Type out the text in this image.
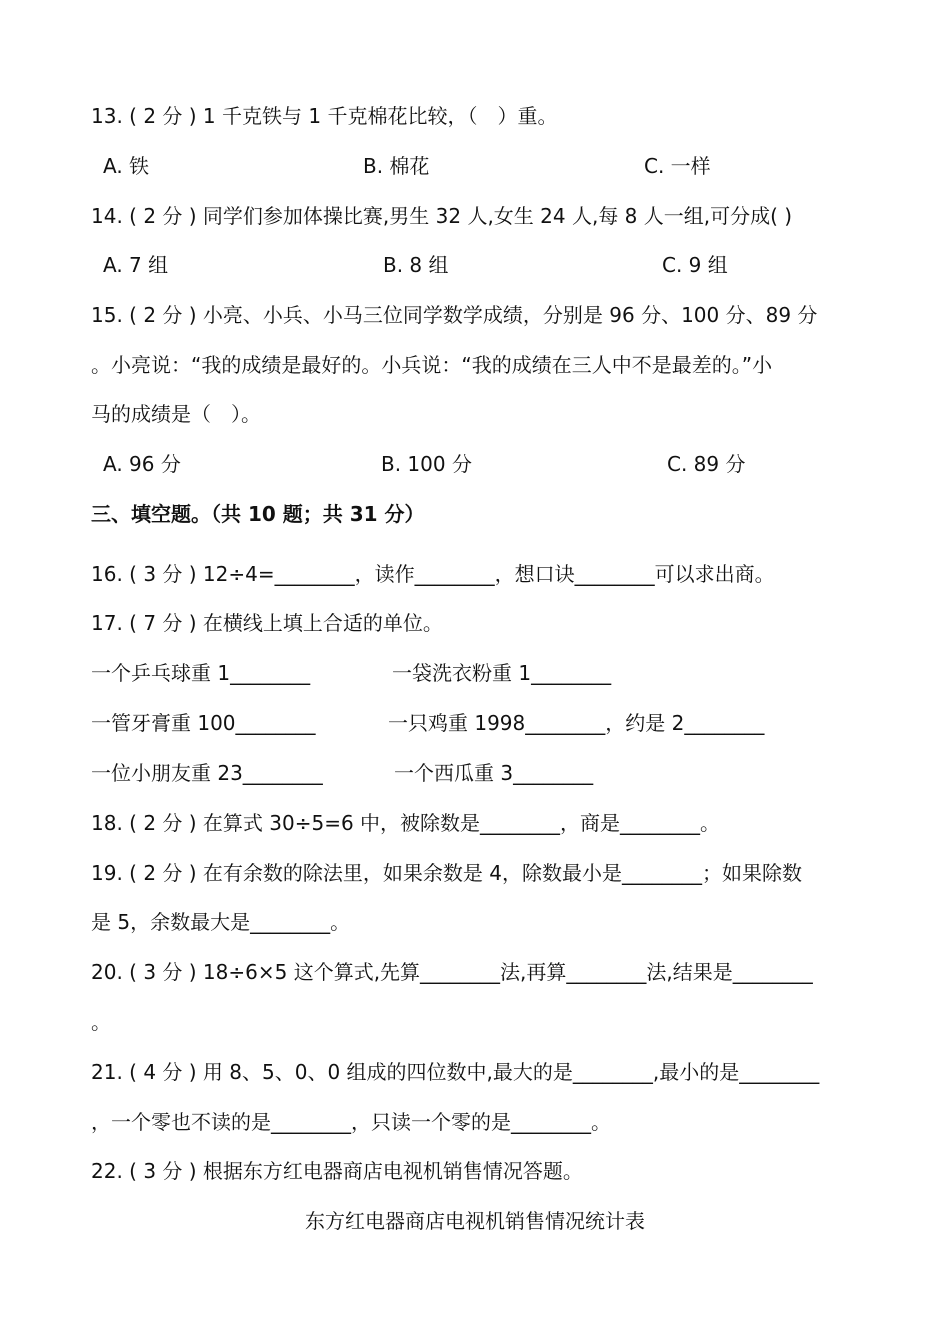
13. ( 2 分 ) 1 千克铁与 1 千克棉花比较，（　）重。
A. 铁	B. 棉花	C. 一样
14. ( 2 分 ) 同学们参加体操比赛,男生 32 人,女生 24 人,每 8 人一组,可分成( )
A. 7 组	B. 8 组	C. 9 组
15. ( 2 分 ) 小亮、小兵、小马三位同学数学成绩，分别是 96 分、100 分、89 分
。小亮说：“我的成绩是最好的。小兵说：“我的成绩在三人中不是最差的。”小
马的成绩是（　）。
A. 96 分	B. 100 分	C. 89 分
三、填空题。（共 10 题；共 31 分）
16. ( 3 分 ) 12÷4=________，读作________，想口诀________可以求出商。
17. ( 7 分 ) 在横线上填上合适的单位。
一个乒乓球重 1________	一袋洗衣粉重 1________
一管牙膏重 100________	一只鸡重 1998________，约是 2________
一位小朋友重 23________	一个西瓜重 3________
18. ( 2 分 ) 在算式 30÷5=6 中，被除数是________，商是________。
19. ( 2 分 ) 在有余数的除法里，如果余数是 4，除数最小是________；如果除数
是 5，余数最大是________。
20. ( 3 分 ) 18÷6×5 这个算式,先算________法,再算________法,结果是________
。
21. ( 4 分 ) 用 8、5、0、0 组成的四位数中,最大的是________,最小的是________
，一个零也不读的是________，只读一个零的是________。
22. ( 3 分 ) 根据东方红电器商店电视机销售情况答题。
东方红电器商店电视机销售情况统计表
